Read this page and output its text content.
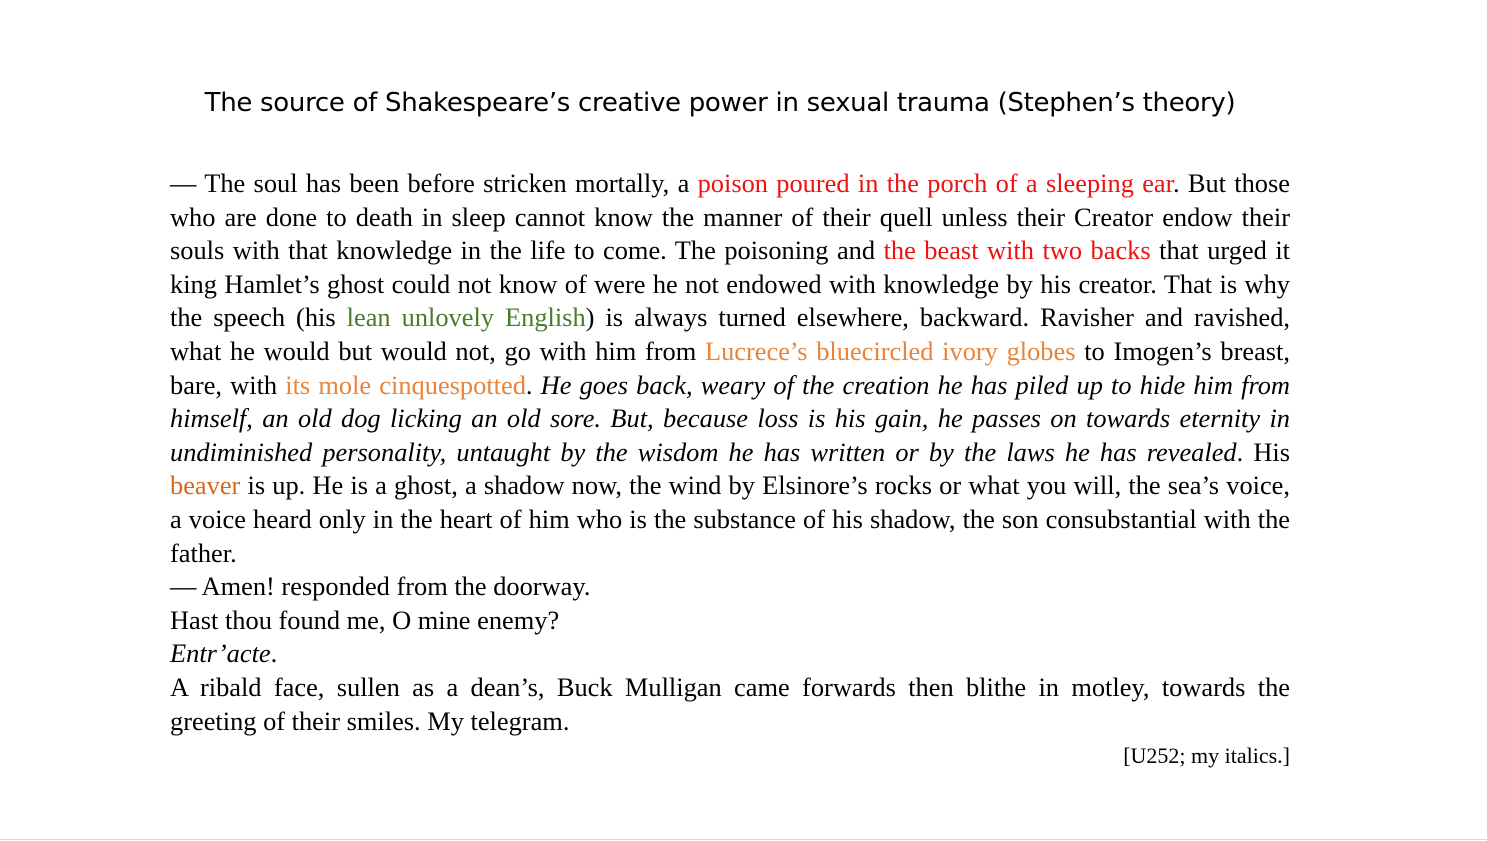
The source of Shakespeare’s creative power in sexual trauma (Stephen’s theory)

— The soul has been before stricken mortally, a poison poured in the porch of a sleeping ear. But those who are done to death in sleep cannot know the manner of their quell unless their Creator endow their souls with that knowledge in the life to come. The poisoning and the beast with two backs that urged it king Hamlet’s ghost could not know of were he not endowed with knowledge by his creator. That is why the speech (his lean unlovely English) is always turned elsewhere, backward. Ravisher and ravished, what he would but would not, go with him from Lucrece’s bluecircled ivory globes to Imogen’s breast, bare, with its mole cinquespotted. He goes back, weary of the creation he has piled up to hide him from himself, an old dog licking an old sore. But, because loss is his gain, he passes on towards eternity in undiminished personality, untaught by the wisdom he has written or by the laws he has revealed. His beaver is up. He is a ghost, a shadow now, the wind by Elsinore’s rocks or what you will, the sea’s voice, a voice heard only in the heart of him who is the substance of his shadow, the son consubstantial with the father.

— Amen! responded from the doorway.

Hast thou found me, O mine enemy?

Entr’acte.

A ribald face, sullen as a dean’s, Buck Mulligan came forwards then blithe in motley, towards the greeting of their smiles. My telegram.

[U252; my italics.]
